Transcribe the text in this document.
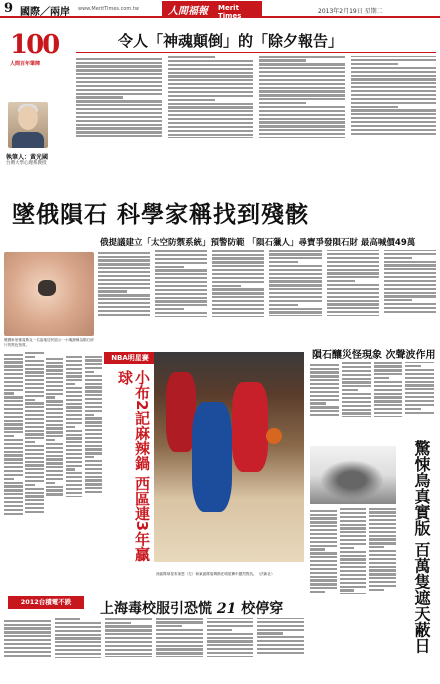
9 國際／兩岸 www.MeritTimes.com.tw	人間福報 Merit Times
2013年2月19日 星期二
100
人間百年筆陣
執筆人：黃光國
台灣大學心理系教授
令人「神魂顛倒」的「除夕報告」
墜俄隕石 科學家稱找到殘骸
俄提議建立「太空防禦系統」預警防範 「隕石獵人」尋寶爭發隕石財 最高喊價49萬
俄國車里雅賓斯克一名當地居民展示一小塊據稱為隕石碎片的黑色物質。
NBA明星賽
小布2記麻辣鍋 西區連3年贏球
西區隊球星布萊恩（左）和東區隊詹姆斯在明星賽中激烈對抗。（法新社）
隕石釀災怪現象 次聲波作用
驚悚鳥真實版 百萬隻遮天蔽日
2012台積電不跌	上海毒校服引恐慌 21 校停穿
